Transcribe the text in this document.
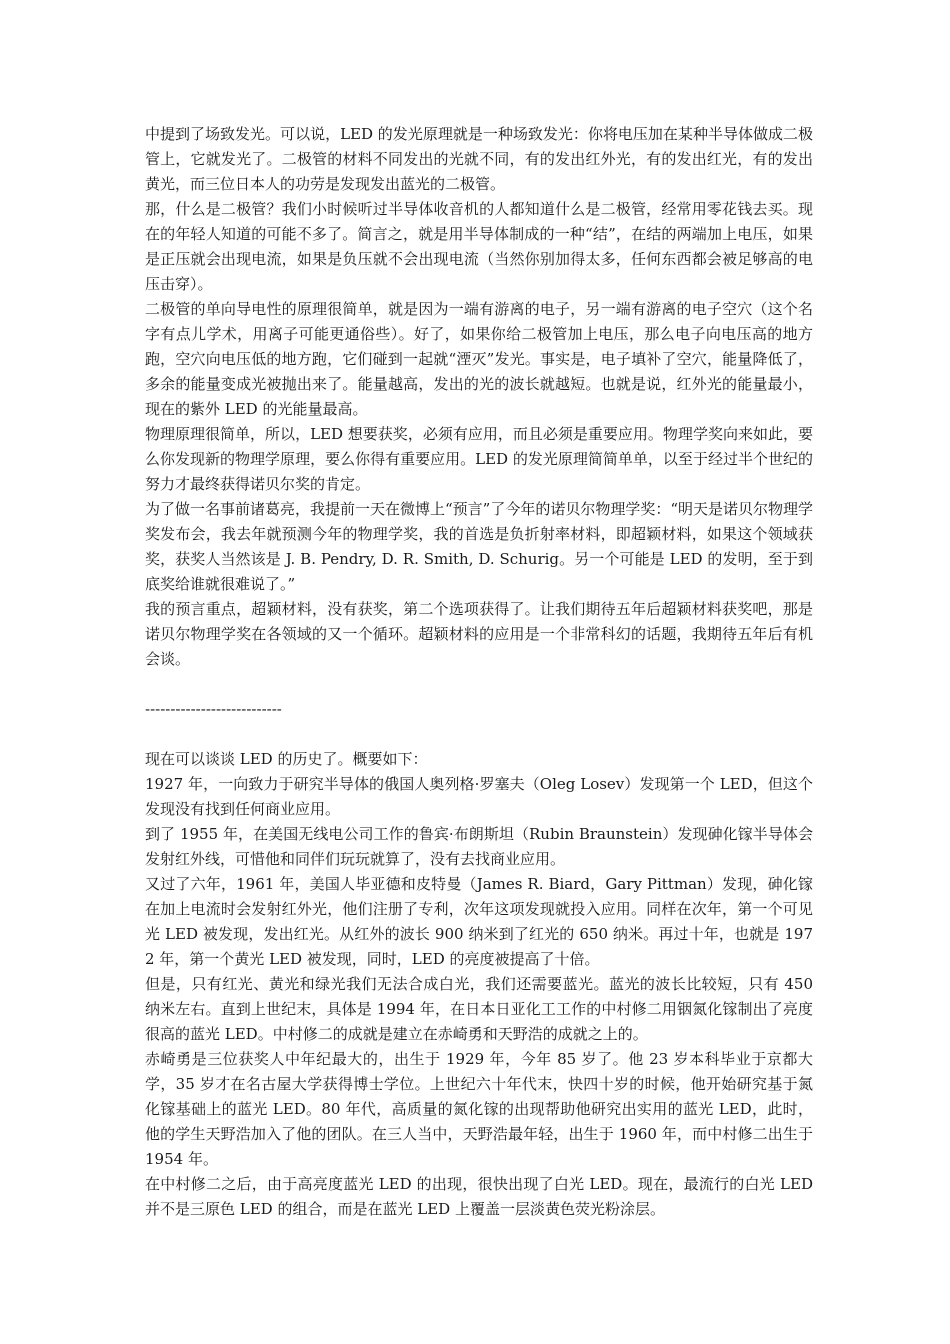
中提到了场致发光。可以说，LED 的发光原理就是一种场致发光：你将电压加在某种半导体做成二极管上，它就发光了。二极管的材料不同发出的光就不同，有的发出红外光，有的发出红光，有的发出黄光，而三位日本人的功劳是发现发出蓝光的二极管。

那，什么是二极管？我们小时候听过半导体收音机的人都知道什么是二极管，经常用零花钱去买。现在的年轻人知道的可能不多了。简言之，就是用半导体制成的一种“结”，在结的两端加上电压，如果是正压就会出现电流，如果是负压就不会出现电流（当然你别加得太多，任何东西都会被足够高的电压击穿）。

二极管的单向导电性的原理很简单，就是因为一端有游离的电子，另一端有游离的电子空穴（这个名字有点儿学术，用离子可能更通俗些）。好了，如果你给二极管加上电压，那么电子向电压高的地方跑，空穴向电压低的地方跑，它们碰到一起就“湮灭”发光。事实是，电子填补了空穴，能量降低了，多余的能量变成光被抛出来了。能量越高，发出的光的波长就越短。也就是说，红外光的能量最小，现在的紫外 LED 的光能量最高。

物理原理很简单，所以，LED 想要获奖，必须有应用，而且必须是重要应用。物理学奖向来如此，要么你发现新的物理学原理，要么你得有重要应用。LED 的发光原理简简单单，以至于经过半个世纪的努力才最终获得诺贝尔奖的肯定。

为了做一名事前诸葛亮，我提前一天在微博上“预言”了今年的诺贝尔物理学奖：“明天是诺贝尔物理学奖发布会，我去年就预测今年的物理学奖，我的首选是负折射率材料，即超颖材料，如果这个领域获奖，获奖人当然该是 J. B. Pendry, D. R. Smith, D. Schurig。另一个可能是 LED 的发明，至于到底奖给谁就很难说了。”

我的预言重点，超颖材料，没有获奖，第二个选项获得了。让我们期待五年后超颖材料获奖吧，那是诺贝尔物理学奖在各领域的又一个循环。超颖材料的应用是一个非常科幻的话题，我期待五年后有机会谈。

---------------------------

现在可以谈谈 LED 的历史了。概要如下：

1927 年，一向致力于研究半导体的俄国人奥列格·罗塞夫（Oleg Losev）发现第一个 LED，但这个发现没有找到任何商业应用。

到了 1955 年，在美国无线电公司工作的鲁宾·布朗斯坦（Rubin Braunstein）发现砷化镓半导体会发射红外线，可惜他和同伴们玩玩就算了，没有去找商业应用。

又过了六年，1961 年，美国人毕亚德和皮特曼（James R. Biard，Gary Pittman）发现，砷化镓在加上电流时会发射红外光，他们注册了专利，次年这项发现就投入应用。同样在次年，第一个可见光 LED 被发现，发出红光。从红外的波长 900 纳米到了红光的 650 纳米。再过十年，也就是 1972 年，第一个黄光 LED 被发现，同时，LED 的亮度被提高了十倍。

但是，只有红光、黄光和绿光我们无法合成白光，我们还需要蓝光。蓝光的波长比较短，只有 450 纳米左右。直到上世纪末，具体是 1994 年，在日本日亚化工工作的中村修二用铟氮化镓制出了亮度很高的蓝光 LED。中村修二的成就是建立在赤崎勇和天野浩的成就之上的。

赤崎勇是三位获奖人中年纪最大的，出生于 1929 年，今年 85 岁了。他 23 岁本科毕业于京都大学，35 岁才在名古屋大学获得博士学位。上世纪六十年代末，快四十岁的时候，他开始研究基于氮化镓基础上的蓝光 LED。80 年代，高质量的氮化镓的出现帮助他研究出实用的蓝光 LED，此时，他的学生天野浩加入了他的团队。在三人当中，天野浩最年轻，出生于 1960 年，而中村修二出生于 1954 年。

在中村修二之后，由于高亮度蓝光 LED 的出现，很快出现了白光 LED。现在，最流行的白光 LED 并不是三原色 LED 的组合，而是在蓝光 LED 上覆盖一层淡黄色荧光粉涂层。
